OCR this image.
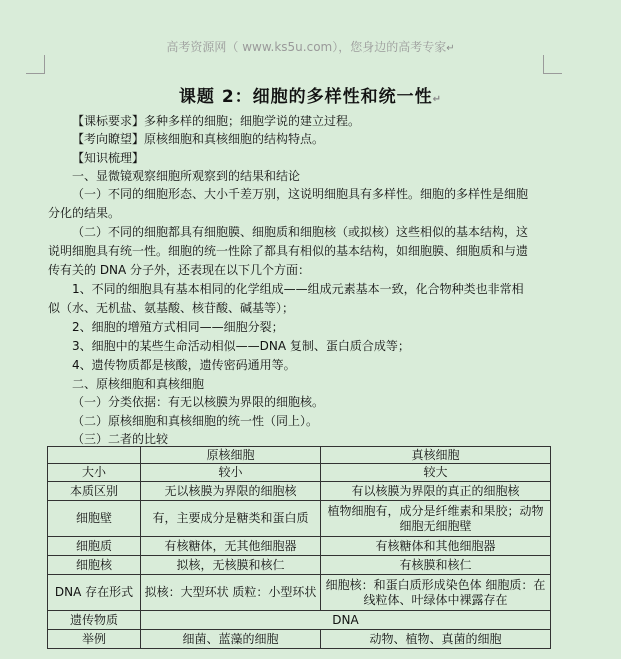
高考资源网（ www.ks5u.com），您身边的高考专家↵
课题 2：细胞的多样性和统一性↵
【课标要求】多种多样的细胞；细胞学说的建立过程。
【考向瞭望】原核细胞和真核细胞的结构特点。
【知识梳理】
一、显微镜观察细胞所观察到的结果和结论
（一）不同的细胞形态、大小千差万别，这说明细胞具有多样性。细胞的多样性是细胞
分化的结果。
（二）不同的细胞都具有细胞膜、细胞质和细胞核（或拟核）这些相似的基本结构，这
说明细胞具有统一性。细胞的统一性除了都具有相似的基本结构，如细胞膜、细胞质和与遗
传有关的 DNA 分子外，还表现在以下几个方面：
1、不同的细胞具有基本相同的化学组成——组成元素基本一致，化合物种类也非常相
似（水、无机盐、氨基酸、核苷酸、碱基等）；
2、细胞的增殖方式相同——细胞分裂；
3、细胞中的某些生命活动相似——DNA 复制、蛋白质合成等；
4、遗传物质都是核酸，遗传密码通用等。
二、原核细胞和真核细胞
（一）分类依据：有无以核膜为界限的细胞核。
（二）原核细胞和真核细胞的统一性（同上）。
（三）二者的比较
	原核细胞	真核细胞
大小	较小	较大
本质区别	无以核膜为界限的细胞核	有以核膜为界限的真正的细胞核
细胞壁	有，主要成分是糖类和蛋白质	植物细胞有，成分是纤维素和果胶；动物细胞无细胞壁
细胞质	有核糖体，无其他细胞器	有核糖体和其他细胞器
细胞核	拟核，无核膜和核仁	有核膜和核仁
DNA 存在形式	拟核：大型环状 质粒：小型环状	细胞核：和蛋白质形成染色体 细胞质：在线粒体、叶绿体中裸露存在
遗传物质	DNA	
举例	细菌、蓝藻的细胞	动物、植物、真菌的细胞
